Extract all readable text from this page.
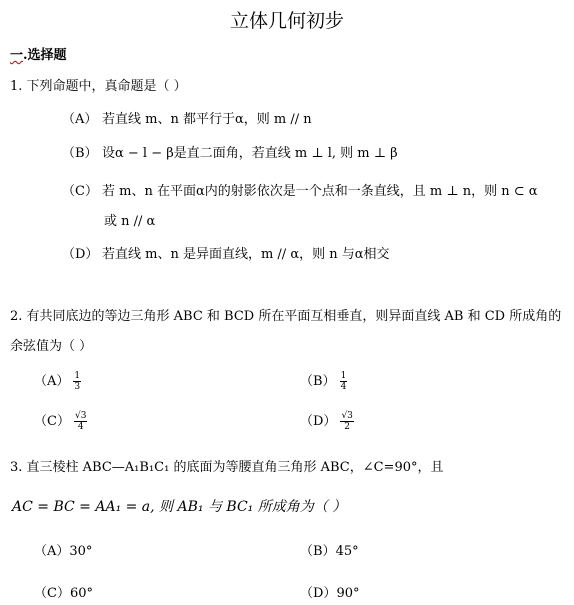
立体几何初步
一.选择题
1. 下列命题中，真命题是（ ）
（A） 若直线 m、n 都平行于α，则 m // n
（B） 设α − l − β是直二面角，若直线 m ⊥ l, 则 m ⊥ β
（C） 若 m、n 在平面α内的射影依次是一个点和一条直线，且 m ⊥ n，则 n ⊂ α
或 n // α
（D） 若直线 m、n 是异面直线，m // α，则 n 与α相交
2. 有共同底边的等边三角形 ABC 和 BCD 所在平面互相垂直，则异面直线 AB 和 CD 所成角的
余弦值为（ ）
$(A) \frac{1}{3}$	$(B) \frac{1}{4}$
$(C) \frac{√3}{4}$	$(D) \frac{√3}{2}$
3. 直三棱柱 ABC—A₁B₁C₁ 的底面为等腰直角三角形 ABC，∠C=90°，且
AC = BC = AA₁ = a, 则 AB₁ 与 BC₁ 所成角为（ ）
（A）30°	（B）45°
（C）60°	（D）90°
